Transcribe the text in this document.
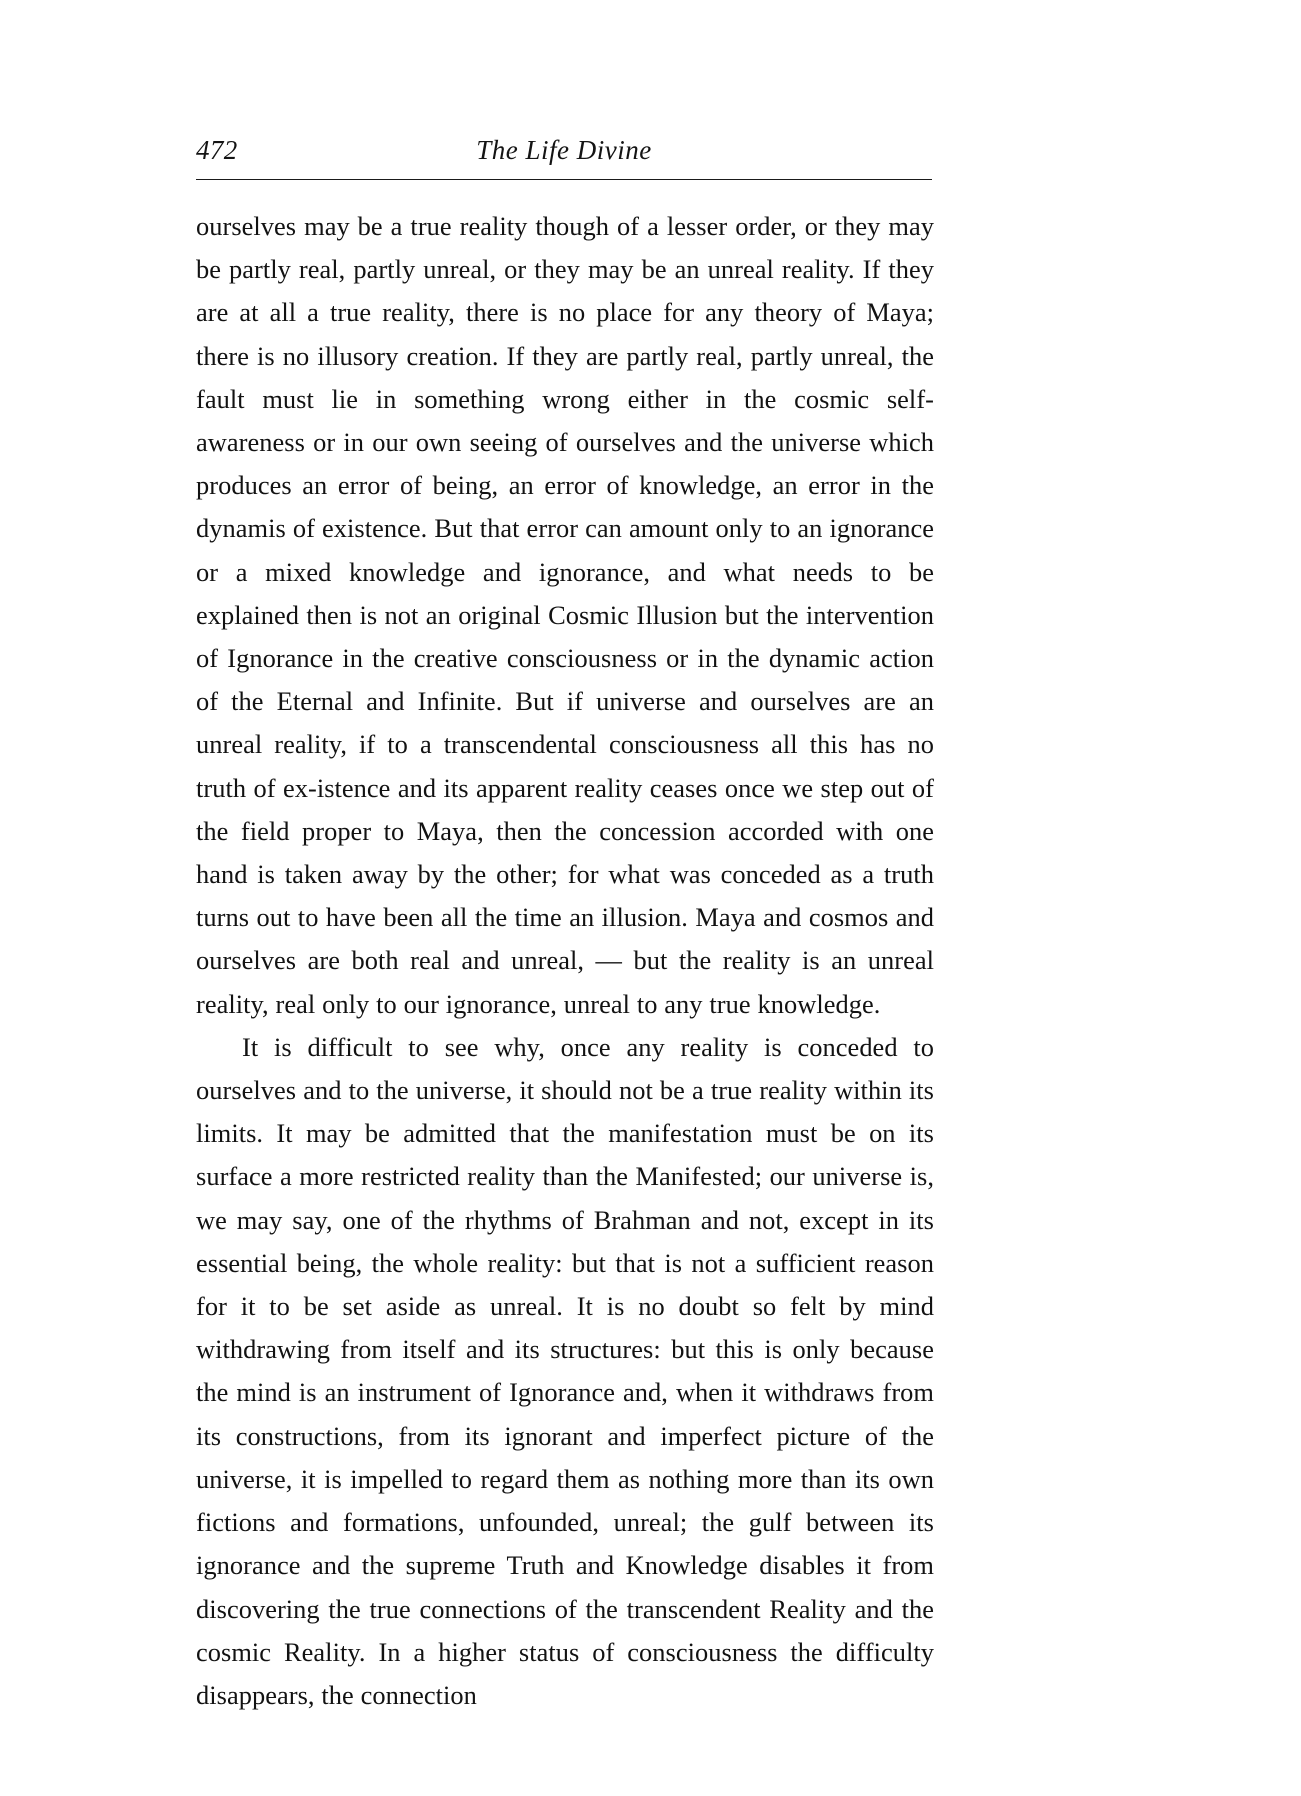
472	The Life Divine

ourselves may be a true reality though of a lesser order, or they may be partly real, partly unreal, or they may be an unreal reality. If they are at all a true reality, there is no place for any theory of Maya; there is no illusory creation. If they are partly real, partly unreal, the fault must lie in something wrong either in the cosmic self-awareness or in our own seeing of ourselves and the universe which produces an error of being, an error of knowledge, an error in the dynamis of existence. But that error can amount only to an ignorance or a mixed knowledge and ignorance, and what needs to be explained then is not an original Cosmic Illusion but the intervention of Ignorance in the creative consciousness or in the dynamic action of the Eternal and Infinite. But if universe and ourselves are an unreal reality, if to a transcendental consciousness all this has no truth of ex-istence and its apparent reality ceases once we step out of the field proper to Maya, then the concession accorded with one hand is taken away by the other; for what was conceded as a truth turns out to have been all the time an illusion. Maya and cosmos and ourselves are both real and unreal, — but the reality is an unreal reality, real only to our ignorance, unreal to any true knowledge.

It is difficult to see why, once any reality is conceded to ourselves and to the universe, it should not be a true reality within its limits. It may be admitted that the manifestation must be on its surface a more restricted reality than the Manifested; our universe is, we may say, one of the rhythms of Brahman and not, except in its essential being, the whole reality: but that is not a sufficient reason for it to be set aside as unreal. It is no doubt so felt by mind withdrawing from itself and its structures: but this is only because the mind is an instrument of Ignorance and, when it withdraws from its constructions, from its ignorant and imperfect picture of the universe, it is impelled to regard them as nothing more than its own fictions and formations, unfounded, unreal; the gulf between its ignorance and the supreme Truth and Knowledge disables it from discovering the true connections of the transcendent Reality and the cosmic Reality. In a higher status of consciousness the difficulty disappears, the connection
